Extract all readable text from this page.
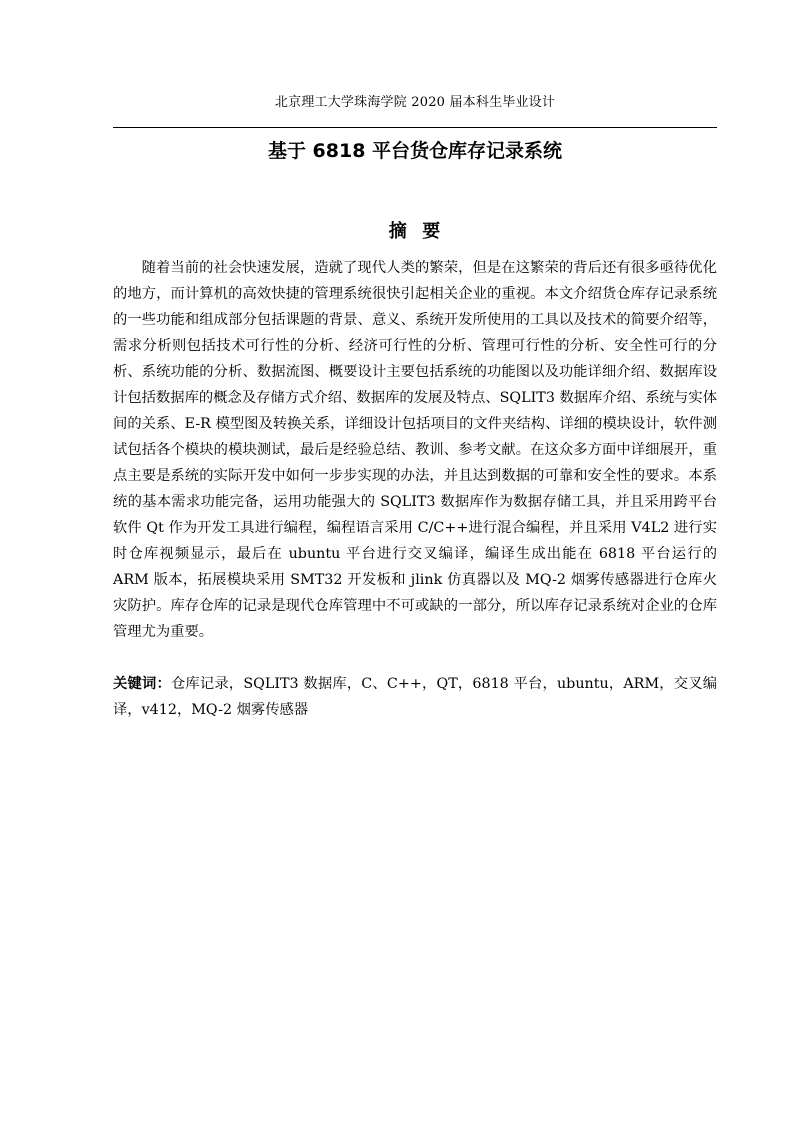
北京理工大学珠海学院 2020 届本科生毕业设计
基于 6818 平台货仓库存记录系统
摘  要

随着当前的社会快速发展，造就了现代人类的繁荣，但是在这繁荣的背后还有很多亟待优化的地方，而计算机的高效快捷的管理系统很快引起相关企业的重视。本文介绍货仓库存记录系统的一些功能和组成部分包括课题的背景、意义、系统开发所使用的工具以及技术的简要介绍等，需求分析则包括技术可行性的分析、经济可行性的分析、管理可行性的分析、安全性可行的分析、系统功能的分析、数据流图、概要设计主要包括系统的功能图以及功能详细介绍、数据库设计包括数据库的概念及存储方式介绍、数据库的发展及特点、SQLIT3 数据库介绍、系统与实体间的关系、E-R 模型图及转换关系，详细设计包括项目的文件夹结构、详细的模块设计，软件测试包括各个模块的模块测试，最后是经验总结、教训、参考文献。在这众多方面中详细展开，重点主要是系统的实际开发中如何一步步实现的办法，并且达到数据的可靠和安全性的要求。本系统的基本需求功能完备，运用功能强大的 SQLIT3 数据库作为数据存储工具，并且采用跨平台软件 Qt 作为开发工具进行编程，编程语言采用 C/C++进行混合编程，并且采用 V4L2 进行实时仓库视频显示，最后在 ubuntu 平台进行交叉编译，编译生成出能在 6818 平台运行的 ARM 版本，拓展模块采用 SMT32 开发板和 jlink 仿真器以及 MQ-2 烟雾传感器进行仓库火灾防护。库存仓库的记录是现代仓库管理中不可或缺的一部分，所以库存记录系统对企业的仓库管理尤为重要。

关键词：仓库记录，SQLIT3 数据库，C、C++，QT，6818 平台，ubuntu，ARM，交叉编译，v412，MQ-2 烟雾传感器
